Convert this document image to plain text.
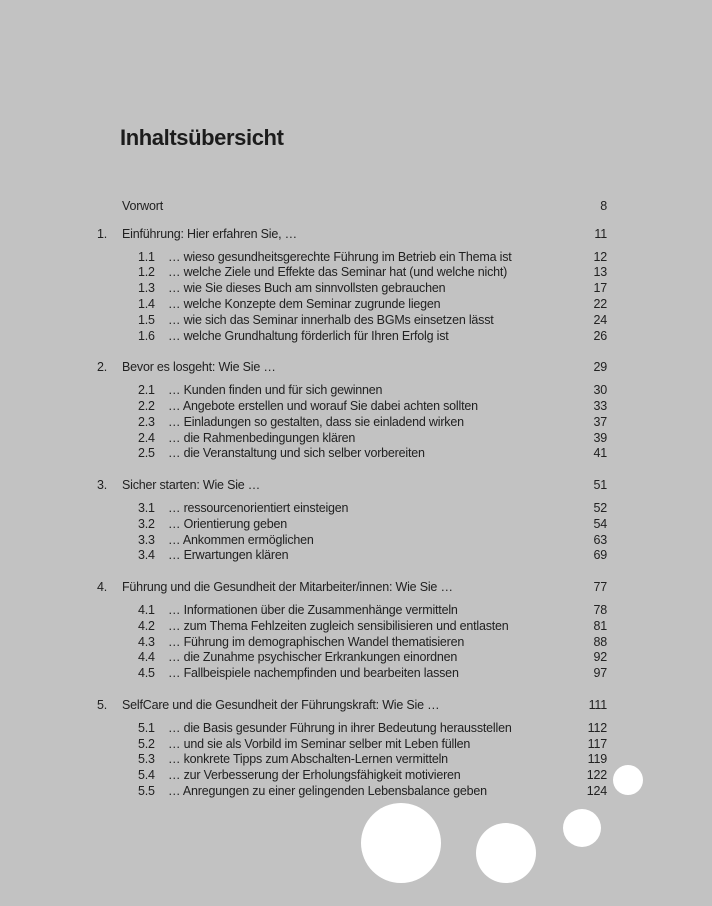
Inhaltsübersicht
Vorwort	8
1.	Einführung: Hier erfahren Sie, …	11
1.1	… wieso gesundheitsgerechte Führung im Betrieb ein Thema ist	12
1.2	… welche Ziele und Effekte das Seminar hat (und welche nicht)	13
1.3	… wie Sie dieses Buch am sinnvollsten gebrauchen	17
1.4	… welche Konzepte dem Seminar zugrunde liegen	22
1.5	… wie sich das Seminar innerhalb des BGMs einsetzen lässt	24
1.6	… welche Grundhaltung förderlich für Ihren Erfolg ist	26
2.	Bevor es losgeht: Wie Sie …	29
2.1	… Kunden finden und für sich gewinnen	30
2.2	… Angebote erstellen und worauf Sie dabei achten sollten	33
2.3	… Einladungen so gestalten, dass sie einladend wirken	37
2.4	… die Rahmenbedingungen klären	39
2.5	… die Veranstaltung und sich selber vorbereiten	41
3.	Sicher starten: Wie Sie …	51
3.1	… ressourcenorientiert einsteigen	52
3.2	… Orientierung geben	54
3.3	… Ankommen ermöglichen	63
3.4	… Erwartungen klären	69
4.	Führung und die Gesundheit der Mitarbeiter/innen: Wie Sie …	77
4.1	… Informationen über die Zusammenhänge vermitteln	78
4.2	… zum Thema Fehlzeiten zugleich sensibilisieren und entlasten	81
4.3	… Führung im demographischen Wandel thematisieren	88
4.4	… die Zunahme psychischer Erkrankungen einordnen	92
4.5	… Fallbeispiele nachempfinden und bearbeiten lassen	97
5.	SelfCare und die Gesundheit der Führungskraft: Wie Sie …	111
5.1	… die Basis gesunder Führung in ihrer Bedeutung herausstellen	112
5.2	… und sie als Vorbild im Seminar selber mit Leben füllen	117
5.3	… konkrete Tipps zum Abschalten-Lernen vermitteln	119
5.4	… zur Verbesserung der Erholungsfähigkeit motivieren	122
5.5	… Anregungen zu einer gelingenden Lebensbalance geben	124
